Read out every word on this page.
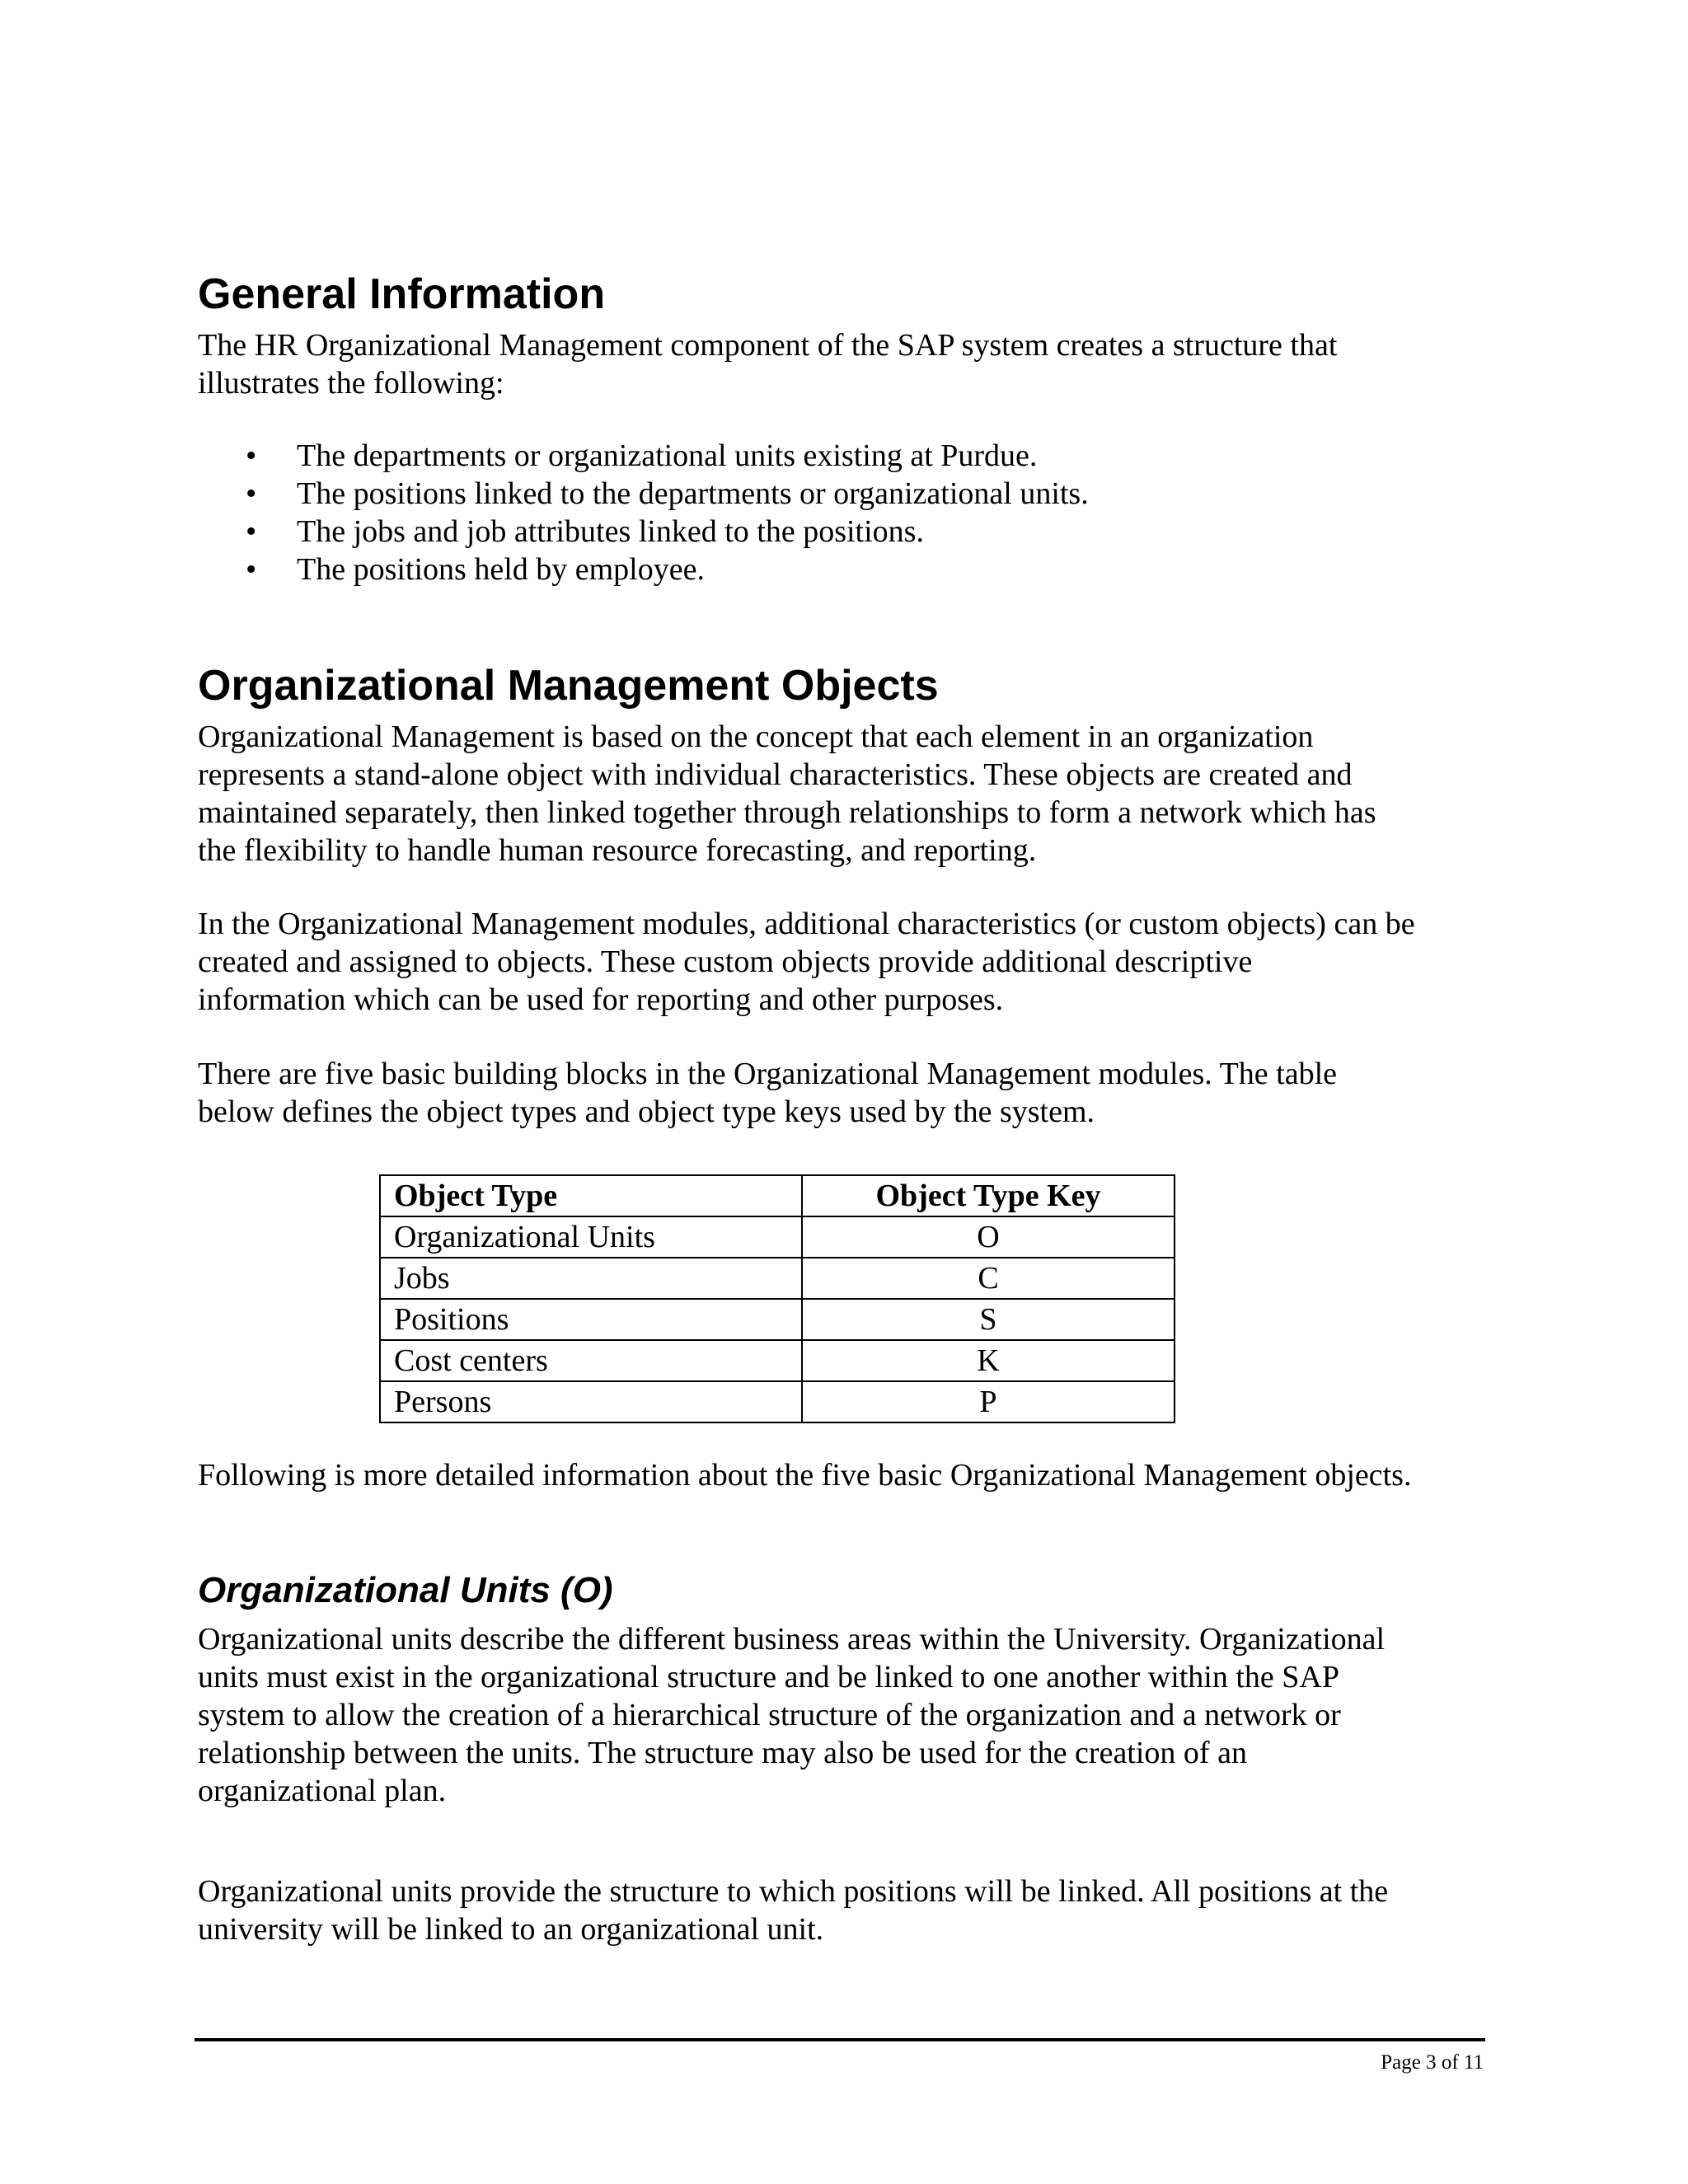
General Information

The HR Organizational Management component of the SAP system creates a structure that
illustrates the following:

• The departments or organizational units existing at Purdue.
• The positions linked to the departments or organizational units.
• The jobs and job attributes linked to the positions.
• The positions held by employee.
Organizational Management Objects

Organizational Management is based on the concept that each element in an organization
represents a stand-alone object with individual characteristics. These objects are created and
maintained separately, then linked together through relationships to form a network which has
the flexibility to handle human resource forecasting, and reporting.

In the Organizational Management modules, additional characteristics (or custom objects) can be
created and assigned to objects. These custom objects provide additional descriptive
information which can be used for reporting and other purposes.

There are five basic building blocks in the Organizational Management modules. The table
below defines the object types and object type keys used by the system.

Object Type	Object Type Key
Organizational Units	O
Jobs	C
Positions	S
Cost centers	K
Persons	P

Following is more detailed information about the five basic Organizational Management objects.

Organizational Units (O)

Organizational units describe the different business areas within the University. Organizational
units must exist in the organizational structure and be linked to one another within the SAP
system to allow the creation of a hierarchical structure of the organization and a network or
relationship between the units. The structure may also be used for the creation of an
organizational plan.

Organizational units provide the structure to which positions will be linked. All positions at the
university will be linked to an organizational unit.

Page 3 of 11
